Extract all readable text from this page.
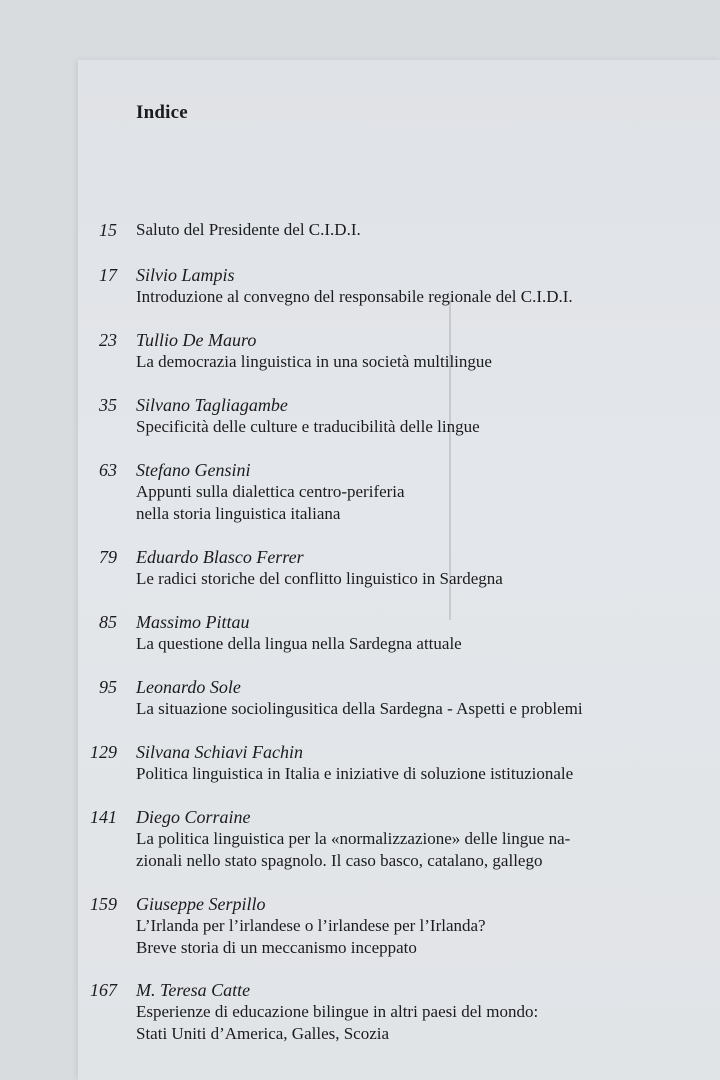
Indice
15 Saluto del Presidente del C.I.D.I.
17 Silvio Lampis
Introduzione al convegno del responsabile regionale del C.I.D.I.
23 Tullio De Mauro
La democrazia linguistica in una società multilingue
35 Silvano Tagliagambe
Specificità delle culture e traducibilità delle lingue
63 Stefano Gensini
Appunti sulla dialettica centro-periferia
nella storia linguistica italiana
79 Eduardo Blasco Ferrer
Le radici storiche del conflitto linguistico in Sardegna
85 Massimo Pittau
La questione della lingua nella Sardegna attuale
95 Leonardo Sole
La situazione sociolingusitica della Sardegna - Aspetti e problemi
129 Silvana Schiavi Fachin
Politica linguistica in Italia e iniziative di soluzione istituzionale
141 Diego Corraine
La politica linguistica per la «normalizzazione» delle lingue na-
zionali nello stato spagnolo. Il caso basco, catalano, gallego
159 Giuseppe Serpillo
L’Irlanda per l’irlandese o l’irlandese per l’Irlanda?
Breve storia di un meccanismo inceppato
167 M. Teresa Catte
Esperienze di educazione bilingue in altri paesi del mondo:
Stati Uniti d’America, Galles, Scozia
